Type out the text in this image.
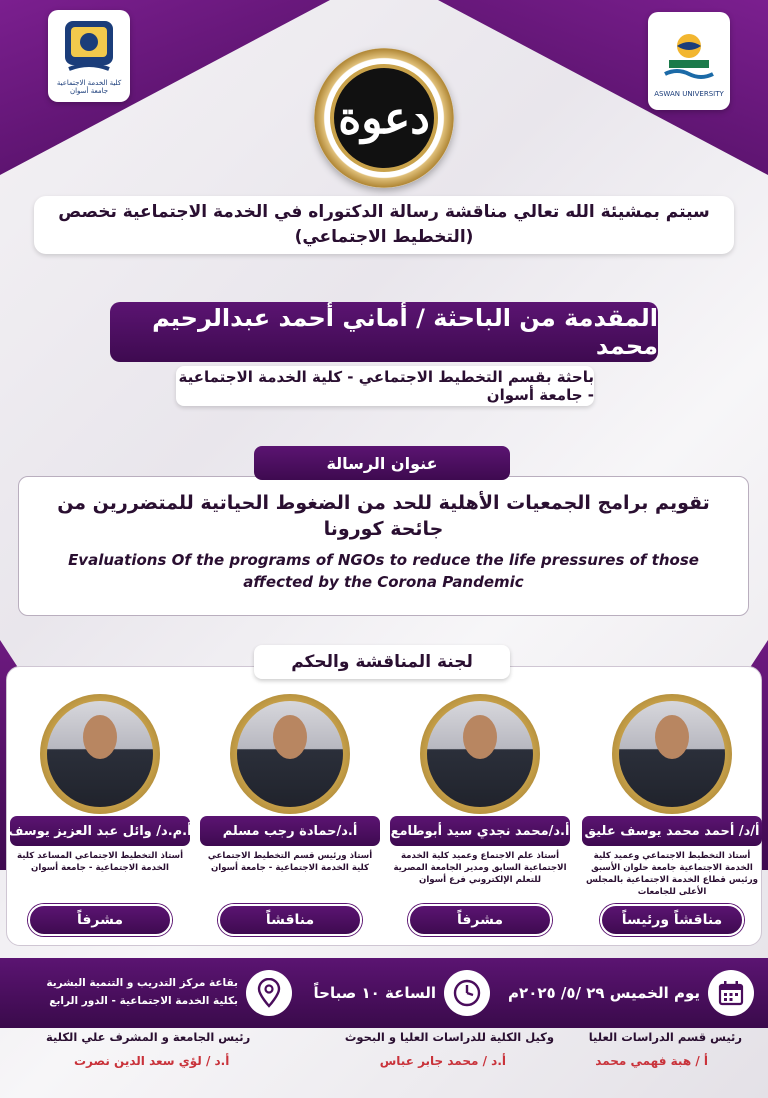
كلية الخدمة الاجتماعية جامعة أسوان	ASWAN UNIVERSITY
دعوة
سيتم بمشيئة الله تعالي مناقشة رسالة الدكتوراه في الخدمة الاجتماعية تخصص (التخطيط الاجتماعي)
المقدمة من الباحثة / أماني أحمد عبدالرحيم محمد
باحثة بقسم التخطيط الاجتماعي - كلية الخدمة الاجتماعية - جامعة أسوان
تقويم برامج الجمعيات الأهلية للحد من الضغوط الحياتية للمتضررين من جائحة كورونا
Evaluations Of the programs of NGOs to reduce the life pressures of those affected by the Corona Pandemic
عنوان الرسالة
لجنة المناقشة والحكم
أ/د/ أحمد محمد يوسف عليق
أستاذ التخطيط الاجتماعي وعميد كلية الخدمة الاجتماعية جامعة حلوان الأسبق ورئيس قطاع الخدمة الاجتماعية بالمجلس الأعلى للجامعات
مناقشاً ورئيساً
أ.د/محمد نجدي سيد أبوطامع
أستاذ علم الاجتماع وعميد كلية الخدمة الاجتماعية السابق ومدير الجامعة المصرية للتعلم الإلكتروني فرع أسوان
مشرفاً
أ.د/حمادة رجب مسلم
أستاذ ورئيس قسم التخطيط الاجتماعي كلية الخدمة الاجتماعية - جامعة أسوان
مناقشاً
أ.م.د/ وائل عبد العزيز يوسف
أستاذ التخطيط الاجتماعي المساعد كلية الخدمة الاجتماعية - جامعة أسوان
مشرفاً
يوم الخميس ٢٩ /٥/ ٢٠٢٥م
الساعة ١٠ صباحاً
بقاعة مركز التدريب و التنمية البشرية
بكلية الخدمة الاجتماعية - الدور الرابع
رئيس قسم الدراسات العليا
أ / هبة فهمي محمد
وكيل الكلية للدراسات العليا و البحوث
أ.د / محمد جابر عباس
رئيس الجامعة و المشرف علي الكلية
أ.د / لؤي سعد الدين نصرت
